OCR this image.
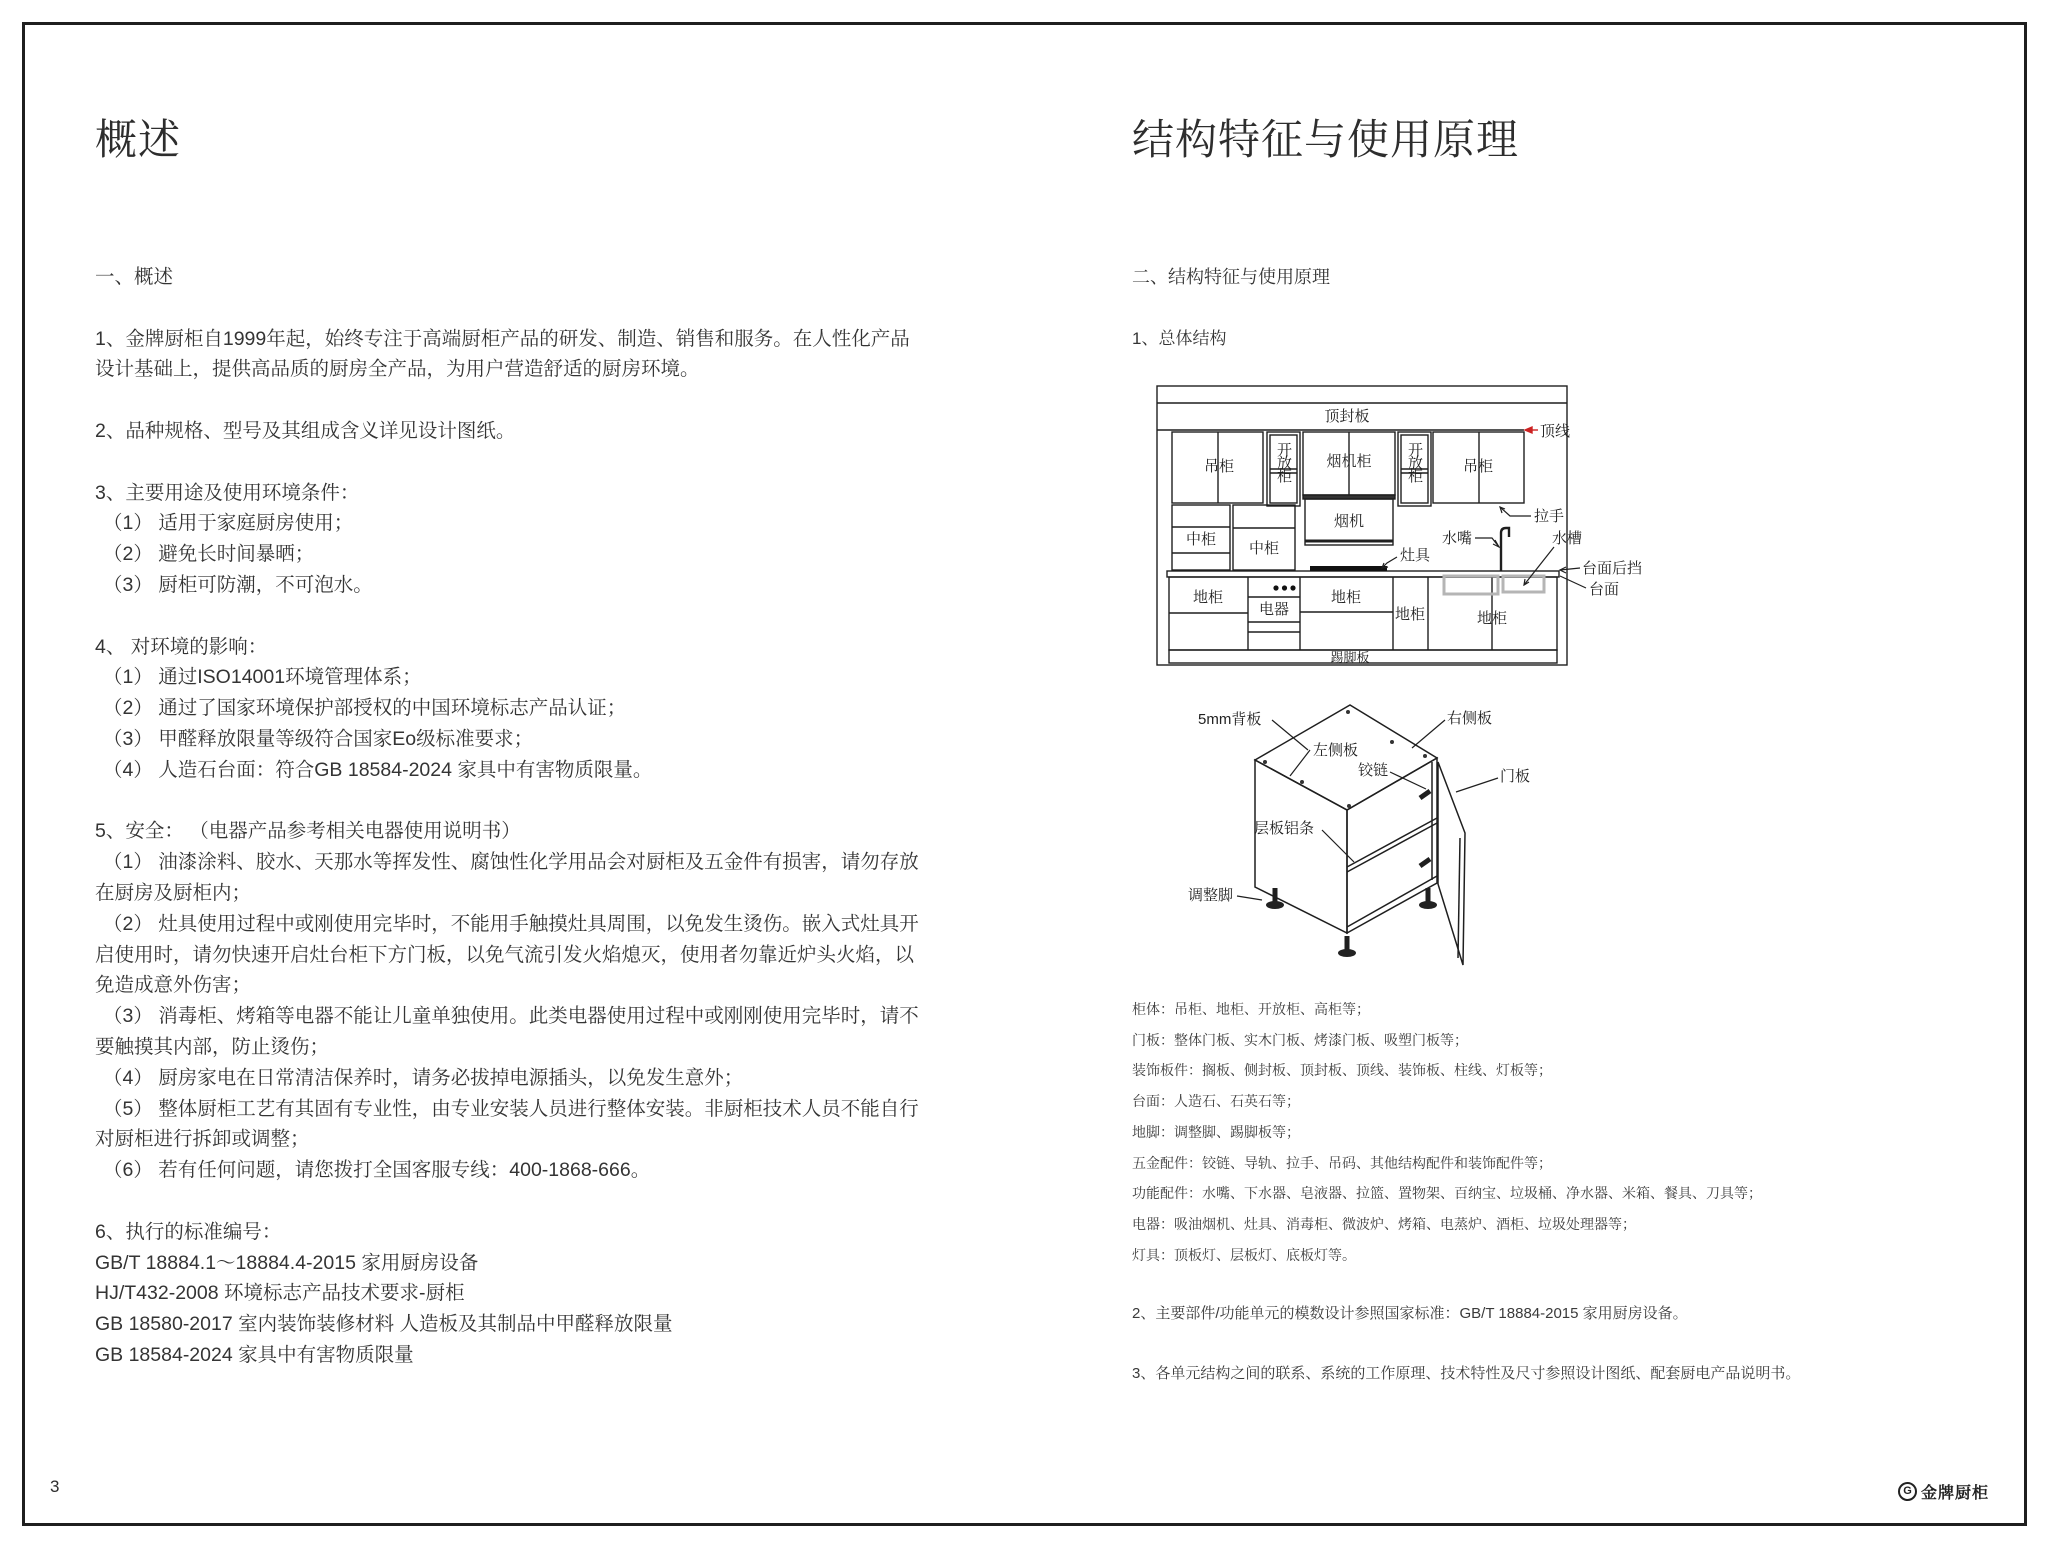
概述
一、概述
1、金牌厨柜自1999年起，始终专注于高端厨柜产品的研发、制造、销售和服务。在人性化产品设计基础上，提供高品质的厨房全产品，为用户营造舒适的厨房环境。
2、品种规格、型号及其组成含义详见设计图纸。
3、主要用途及使用环境条件：
（1） 适用于家庭厨房使用；
（2） 避免长时间暴晒；
（3） 厨柜可防潮，不可泡水。
4、 对环境的影响：
（1） 通过ISO14001环境管理体系；
（2） 通过了国家环境保护部授权的中国环境标志产品认证；
（3） 甲醛释放限量等级符合国家Eo级标准要求；
（4） 人造石台面：符合GB 18584-2024 家具中有害物质限量。
5、安全： （电器产品参考相关电器使用说明书）
（1） 油漆涂料、胶水、天那水等挥发性、腐蚀性化学用品会对厨柜及五金件有损害，请勿存放在厨房及厨柜内；
（2） 灶具使用过程中或刚使用完毕时，不能用手触摸灶具周围，以免发生烫伤。嵌入式灶具开启使用时，请勿快速开启灶台柜下方门板，以免气流引发火焰熄灭，使用者勿靠近炉头火焰，以免造成意外伤害；
（3） 消毒柜、烤箱等电器不能让儿童单独使用。此类电器使用过程中或刚刚使用完毕时，请不要触摸其内部，防止烫伤；
（4） 厨房家电在日常清洁保养时，请务必拔掉电源插头，以免发生意外；
（5） 整体厨柜工艺有其固有专业性，由专业安装人员进行整体安装。非厨柜技术人员不能自行对厨柜进行拆卸或调整；
（6） 若有任何问题，请您拨打全国客服专线：400-1868-666。
6、执行的标准编号：
GB/T 18884.1～18884.4-2015 家用厨房设备
HJ/T432-2008 环境标志产品技术要求-厨柜
GB 18580-2017 室内装饰装修材料 人造板及其制品中甲醛释放限量
GB 18584-2024 家具中有害物质限量
结构特征与使用原理
二、结构特征与使用原理
1、总体结构
顶封板
顶线
吊柜	开放柜	烟机柜	开放柜	吊柜
拉手
中柜
中柜
烟机
灶具
水嘴	水槽
台面后挡
台面
地柜
电器
地柜
地柜	地柜
踢脚板
5mm背板	右侧板
左侧板
铰链	门板
层板铝条
调整脚
柜体：吊柜、地柜、开放柜、高柜等；
门板：整体门板、实木门板、烤漆门板、吸塑门板等；
装饰板件：搁板、侧封板、顶封板、顶线、装饰板、柱线、灯板等；
台面：人造石、石英石等；
地脚：调整脚、踢脚板等；
五金配件：铰链、导轨、拉手、吊码、其他结构配件和装饰配件等；
功能配件：水嘴、下水器、皂液器、拉篮、置物架、百纳宝、垃圾桶、净水器、米箱、餐具、刀具等；
电器：吸油烟机、灶具、消毒柜、微波炉、烤箱、电蒸炉、酒柜、垃圾处理器等；
灯具：顶板灯、层板灯、底板灯等。
2、主要部件/功能单元的模数设计参照国家标准：GB/T 18884-2015 家用厨房设备。
3、各单元结构之间的联系、系统的工作原理、技术特性及尺寸参照设计图纸、配套厨电产品说明书。
3	G 金牌厨柜
